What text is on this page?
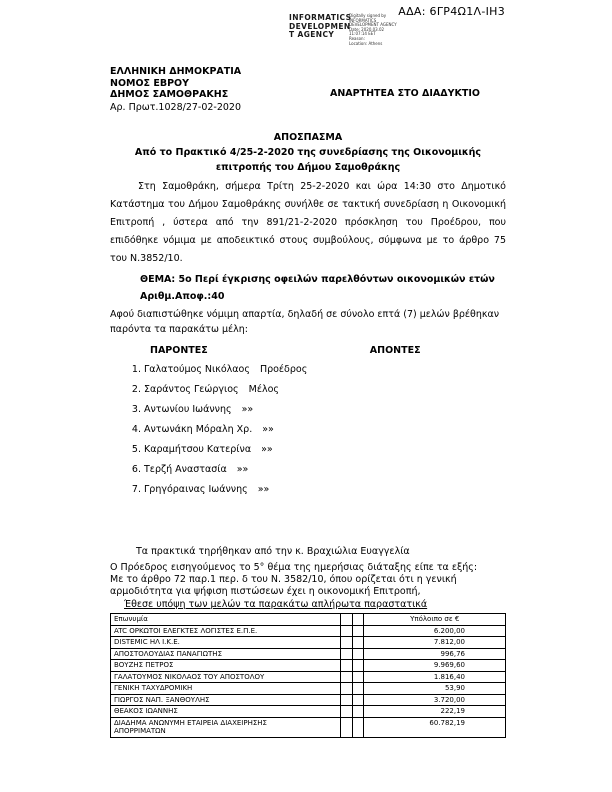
ΑΔΑ: 6ΓΡ4Ω1Λ-ΙΗ3
INFORMATICS
DEVELOPMEN
T AGENCY
Digitally signed by
INFORMATICS
DEVELOPMENT AGENCY
Date: 2020.03.02
11:07:14 EET
Reason:
Location: Athens
ΕΛΛΗΝΙΚΗ ΔΗΜΟΚΡΑΤΙΑ
ΝΟΜΟΣ ΕΒΡΟΥ
ΔΗΜΟΣ ΣΑΜΟΘΡΑΚΗΣ
Αρ. Πρωτ.1028/27-02-2020
ΑΝΑΡΤΗΤΕΑ ΣΤΟ ΔΙΑΔΥΚΤΙΟ
ΑΠΟΣΠΑΣΜΑ
Από το Πρακτικό 4/25-2-2020 της συνεδρίασης της Οικονομικής
επιτροπής του Δήμου Σαμοθράκης
Στη Σαμοθράκη, σήμερα Τρίτη 25-2-2020 και ώρα 14:30 στο Δημοτικό Κατάστημα του Δήμου Σαμοθράκης συνήλθε σε τακτική συνεδρίαση η Οικονομική Επιτροπή , ύστερα από την 891/21-2-2020 πρόσκληση του Προέδρου, που επιδόθηκε νόμιμα με αποδεικτικό στους συμβούλους, σύμφωνα με το άρθρο 75 του Ν.3852/10.
ΘΕΜΑ: 5ο Περί έγκρισης οφειλών παρελθόντων οικονομικών ετών
Αριθμ.Αποφ.:40
Αφού διαπιστώθηκε νόμιμη απαρτία, δηλαδή σε σύνολο επτά (7) μελών βρέθηκαν παρόντα τα παρακάτω μέλη:
ΠΑΡΟΝΤΕΣ	ΑΠΟΝΤΕΣ
1. Γαλατούμος Νικόλαος Προέδρος
2. Σαράντος Γεώργιος Μέλος
3. Αντωνίου Ιωάννης »»
4. Αντωνάκη Μόραλη Χρ. »»
5. Καραμήτσου Κατερίνα »»
6. Τερζή Αναστασία »»
7. Γρηγόραινας Ιωάννης »»
Τα πρακτικά τηρήθηκαν από την κ. Βραχιώλια Ευαγγελία
Ο Πρόεδρος εισηγούμενος το 5° θέμα της ημερήσιας διάταξης είπε τα εξής:
Με το άρθρο 72 παρ.1 περ. δ του Ν. 3582/10, όπου ορίζεται ότι η γενική αρμοδιότητα για ψήφιση πιστώσεων έχει η οικονομική Επιτροπή,
Έθεσε υπόψη των μελών τα παρακάτω απλήρωτα παραστατικά
Επωνυμία			Υπόλοιπο σε €
ATC ΟΡΚΩΤΟΙ ΕΛΕΓΚΤΕΣ ΛΟΓΙΣΤΕΣ Ε.Π.Ε.			6.200,00
DISTEMIC ΗΛ Ι.Κ.Ε.			7.812,00
ΑΠΟΣΤΟΛΟΥΔΙΑΣ ΠΑΝΑΓΙΩΤΗΣ			996,76
ΒΟΥΖΗΣ ΠΕΤΡΟΣ			9.969,60
ΓΑΛΑΤΟΥΜΟΣ ΝΙΚΟΛΑΟΣ ΤΟΥ ΑΠΟΣΤΟΛΟΥ			1.816,40
ΓΕΝΙΚΗ ΤΑΧΥΔΡΟΜΙΚΗ			53,90
ΓΙΩΡΓΟΣ ΝΑΠ. ΞΑΝΘΟΥΛΗΣ			3.720,00
ΘΕΑΚΟΣ ΙΩΑΝΝΗΣ			222,19

ΔΙΑΔΗΜΑ ΑΝΩΝΥΜΗ ΕΤΑΙΡΕΙΑ ΔΙΑΧΕΙΡΗΣΗΣ ΑΠΟΡΡΙΜΑΤΩΝ			60.782,19
